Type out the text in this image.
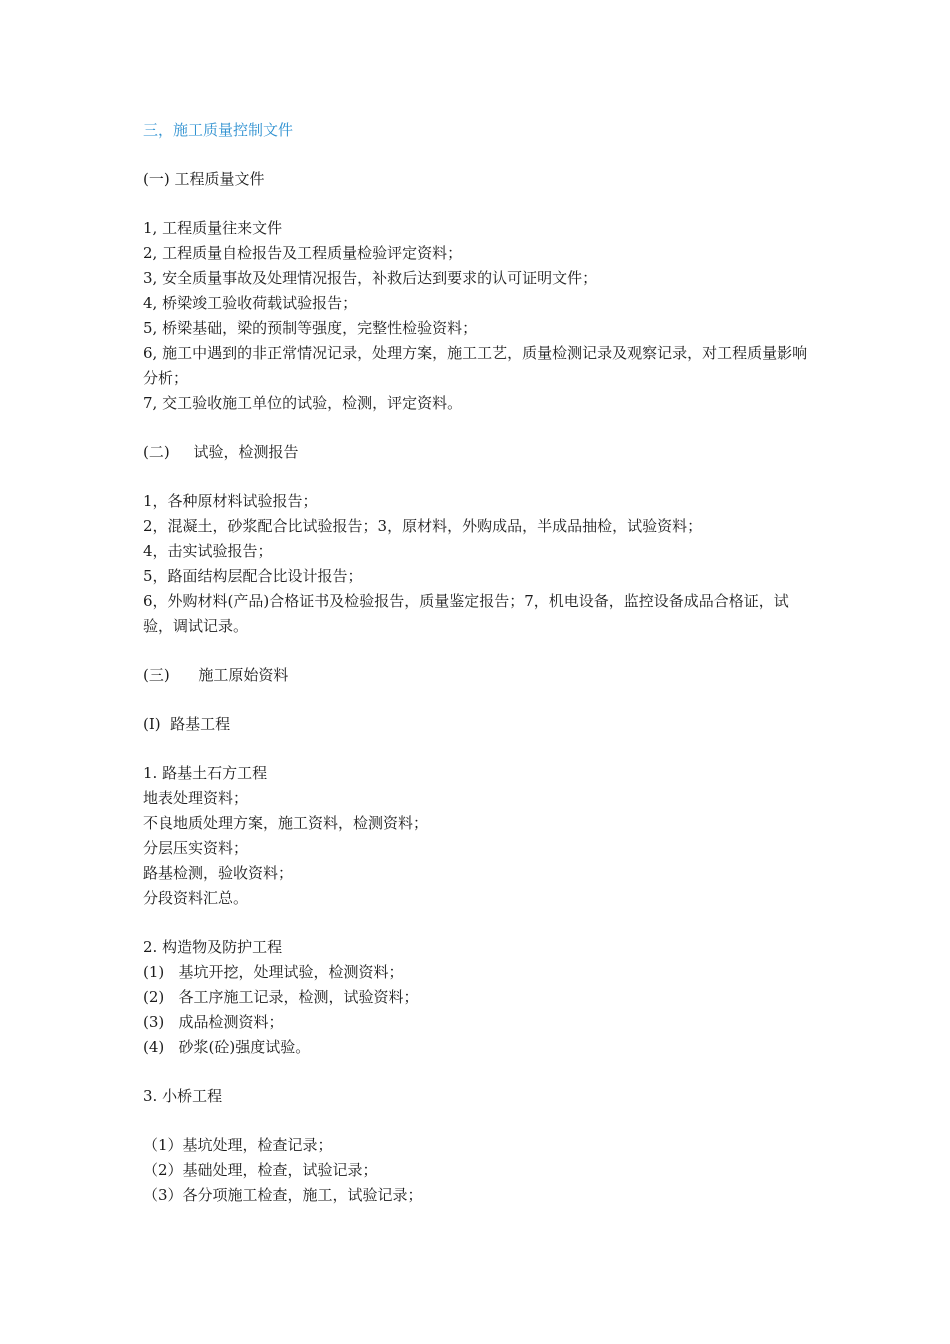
三，施工质量控制文件
(一) 工程质量文件
1, 工程质量往来文件
2, 工程质量自检报告及工程质量检验评定资料；
3, 安全质量事故及处理情况报告，补救后达到要求的认可证明文件；
4, 桥梁竣工验收荷载试验报告；
5, 桥梁基础，梁的预制等强度，完整性检验资料；
6, 施工中遇到的非正常情况记录，处理方案，施工工艺，质量检测记录及观察记录，对工程质量影响分析；
7, 交工验收施工单位的试验，检测，评定资料。
(二)     试验，检测报告
1，各种原材料试验报告；
2，混凝土，砂浆配合比试验报告；3，原材料，外购成品，半成品抽检，试验资料；
4，击实试验报告；
5，路面结构层配合比设计报告；
6，外购材料(产品)合格证书及检验报告，质量鉴定报告；7，机电设备，监控设备成品合格证，试验，调试记录。
(三)      施工原始资料
(I)  路基工程
1. 路基土石方工程
地表处理资料；
不良地质处理方案，施工资料，检测资料；
分层压实资料；
路基检测，验收资料；
分段资料汇总。
2. 构造物及防护工程
(1)   基坑开挖，处理试验，检测资料；
(2)   各工序施工记录，检测，试验资料；
(3)   成品检测资料；
(4)   砂浆(砼)强度试验。
3. 小桥工程
（1）基坑处理，检查记录；
（2）基础处理，检查，试验记录；
（3）各分项施工检查，施工，试验记录；
